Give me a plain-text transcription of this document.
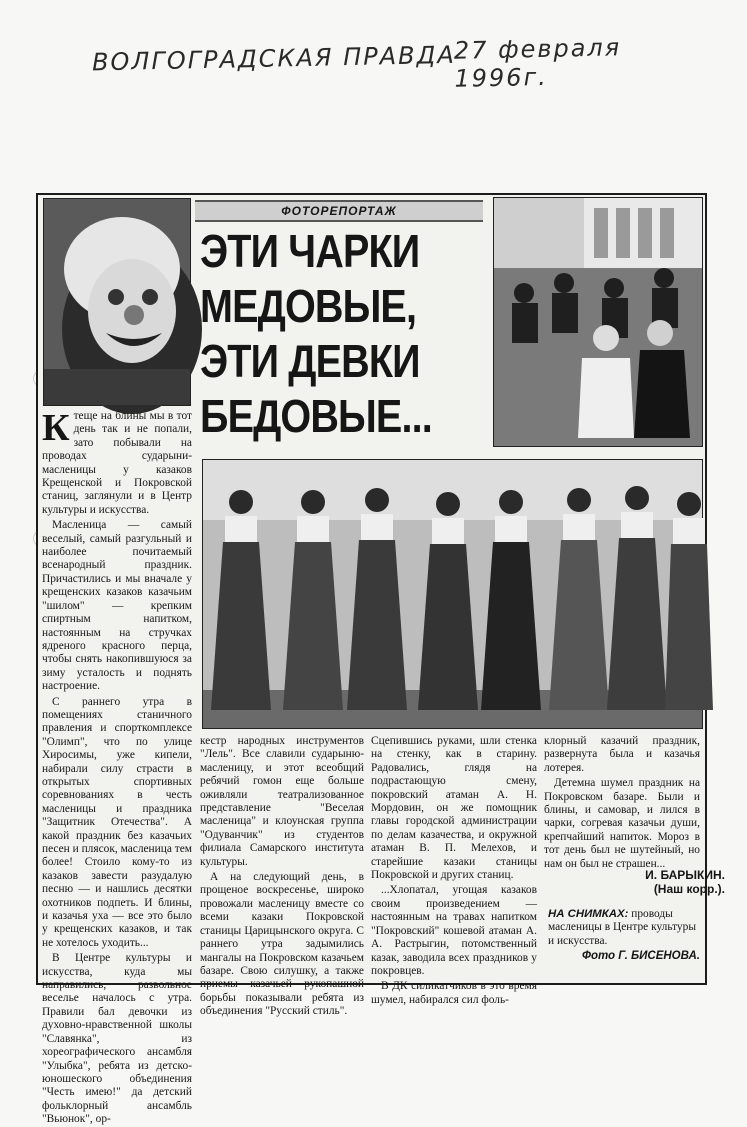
ВОЛГОГРАДСКАЯ ПРАВДА
27 февраля 1996г.
ФОТОРЕПОРТАЖ
ЭТИ ЧАРКИ
МЕДОВЫЕ,
ЭТИ ДЕВКИ
БЕДОВЫЕ...

Ктеще на блины мы в тот день так и не попали, зато побывали на проводах сударыни-масленицы у казаков Крещенской и Покровской станиц, заглянули и в Центр культуры и искусства.

Масленица — самый веселый, самый разгульный и наиболее почитаемый всенародный праздник. Причастились и мы вначале у крещенских казаков казачьим "шилом" — крепким спиртным напитком, настоянным на стручках ядреного красного перца, чтобы снять накопившуюся за зиму усталость и поднять настроение.

С раннего утра в помещениях станичного правления и спорткомплексе "Олимп", что по улице Хиросимы, уже кипели, набирали силу страсти в открытых спортивных соревнованиях в честь масленицы и праздника "Защитник Отечества". А какой праздник без казачьих песен и плясок, масленица тем более! Стоило кому-то из казаков завести разудалую песню — и нашлись десятки охотников подпеть. И блины, и казачья уха — все это было у крещенских казаков, и так не хотелось уходить...

В Центре культуры и искусства, куда мы направились, развольное веселье началось с утра. Правили бал девочки из духовно-нравственной школы "Славянка", из хореографического ансамбля "Улыбка", ребята из детско-юношеского объединения "Честь имею!" да детский фольклорный ансамбль "Вьюнок", ор-

кестр народных инструментов "Лель". Все славили сударыню-масленицу, и этот всеобщий ребячий гомон еще больше оживляли театрализованное представление "Веселая масленица" и клоунская группа "Одуванчик" из студентов филиала Самарского института культуры.

А на следующий день, в прощеное воскресенье, широко провожали масленицу вместе со всеми казаки Покровской станицы Царицынского округа. С раннего утра задымились мангалы на Покровском казачьем базаре. Свою силушку, а также приемы казачьей рукопашной борьбы показывали ребята из объединения "Русский стиль".

Сцепившись руками, шли стенка на стенку, как в старину. Радовались, глядя на подрастающую смену, покровский атаман А. Н. Мордовин, он же помощник главы городской администрации по делам казачества, и окружной атаман В. П. Мелехов, и старейшие казаки станицы Покровской и других станиц.

...Хлопатал, угощая казаков своим произведением — настоянным на травах напитком "Покровский" кошевой атаман А. А. Растрыгин, потомственный казак, заводила всех праздников у покровцев.

В ДК силикатчиков в это время шумел, набирался сил фоль-

клорный казачий праздник, развернута была и казачья лотерея.

Детемна шумел праздник на Покровском базаре. Были и блины, и самовар, и лился в чарки, согревая казачьи души, крепчайший напиток. Мороз в тот день был не шутейный, но нам он был не страшен...

И. БАРЫКИН.
(Наш корр.).
НА СНИМКАХ: проводы масленицы в Центре культуры и искусства.
Фото Г. БИСЕНОВА.
